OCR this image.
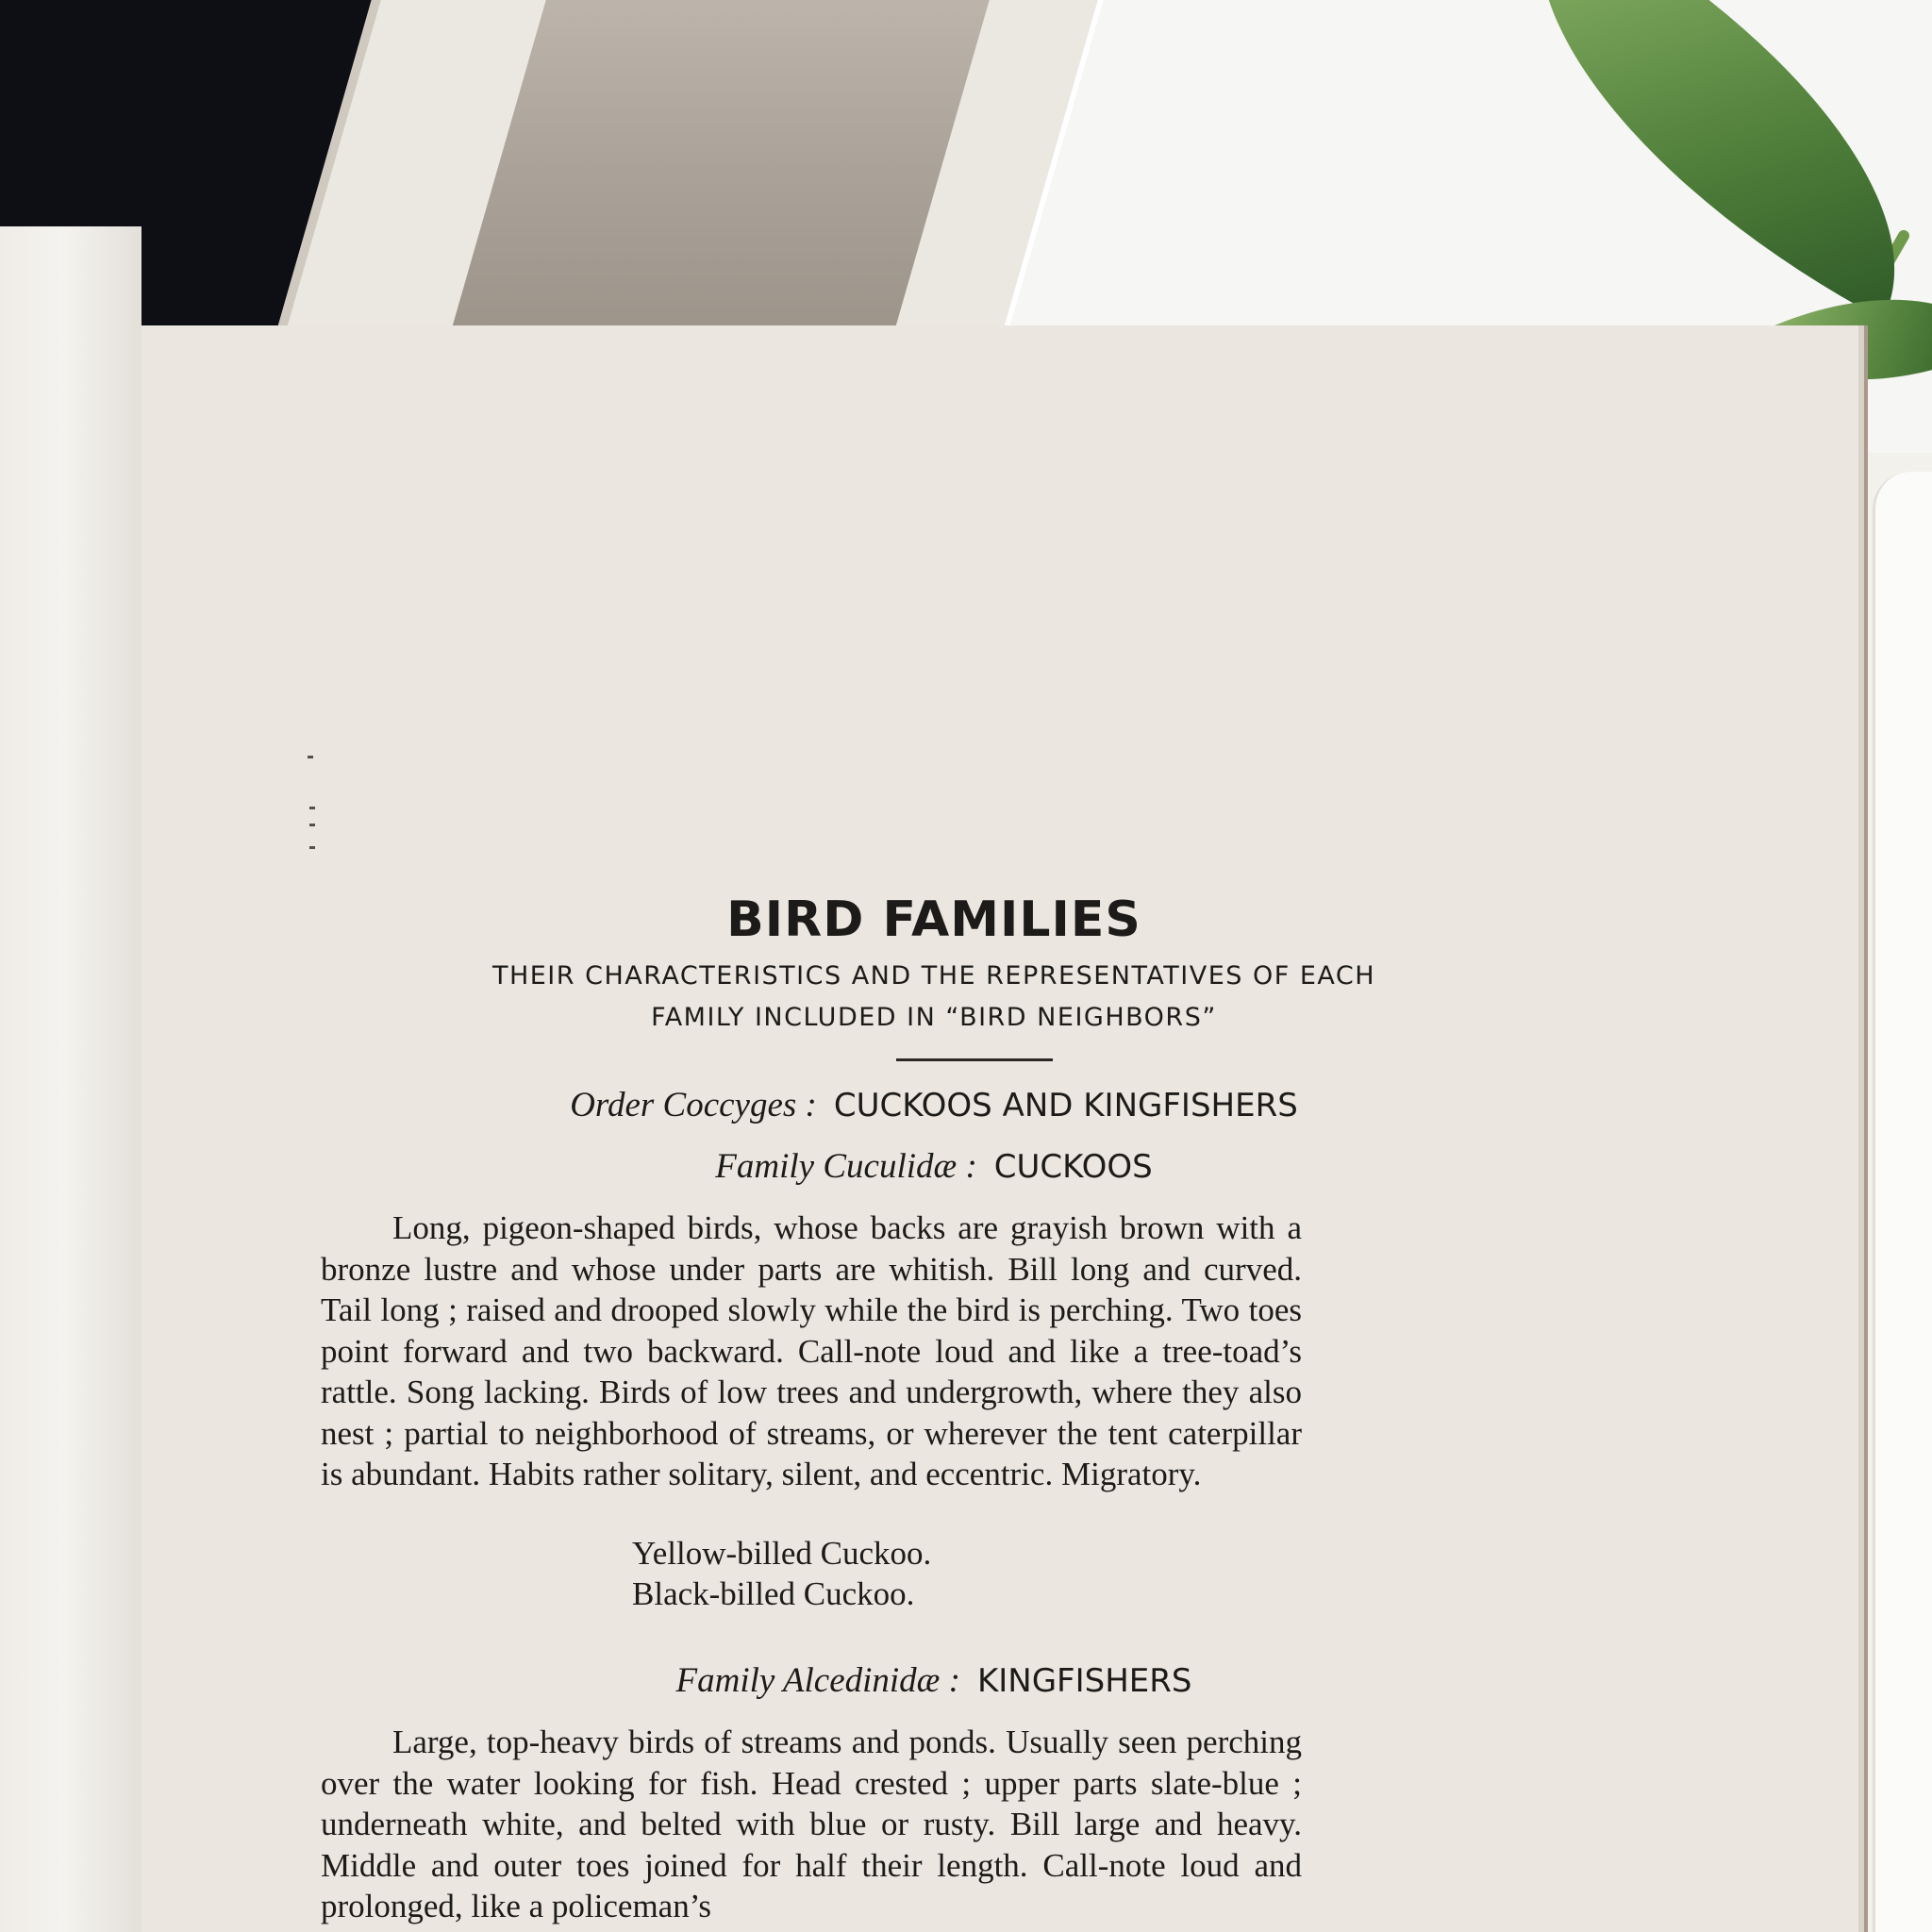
BIRD FAMILIES

THEIR CHARACTERISTICS AND THE REPRESENTATIVES OF EACH
FAMILY INCLUDED IN “BIRD NEIGHBORS”

Order Coccyges : CUCKOOS AND KINGFISHERS
Family Cuculidæ : CUCKOOS

Long, pigeon-shaped birds, whose backs are grayish brown with a bronze lustre and whose under parts are whitish. Bill long and curved. Tail long ; raised and drooped slowly while the bird is perching. Two toes point forward and two backward. Call-note loud and like a tree-toad’s rattle. Song lacking. Birds of low trees and undergrowth, where they also nest ; partial to neighborhood of streams, or wherever the tent caterpillar is abundant. Habits rather solitary, silent, and eccentric. Migratory.

Yellow-billed Cuckoo.
Black-billed Cuckoo.
Family Alcedinidæ : KINGFISHERS

Large, top-heavy birds of streams and ponds. Usually seen perching over the water looking for fish. Head crested ; upper parts slate-blue ; underneath white, and belted with blue or rusty. Bill large and heavy. Middle and outer toes joined for half their length. Call-note loud and prolonged, like a policeman’s
